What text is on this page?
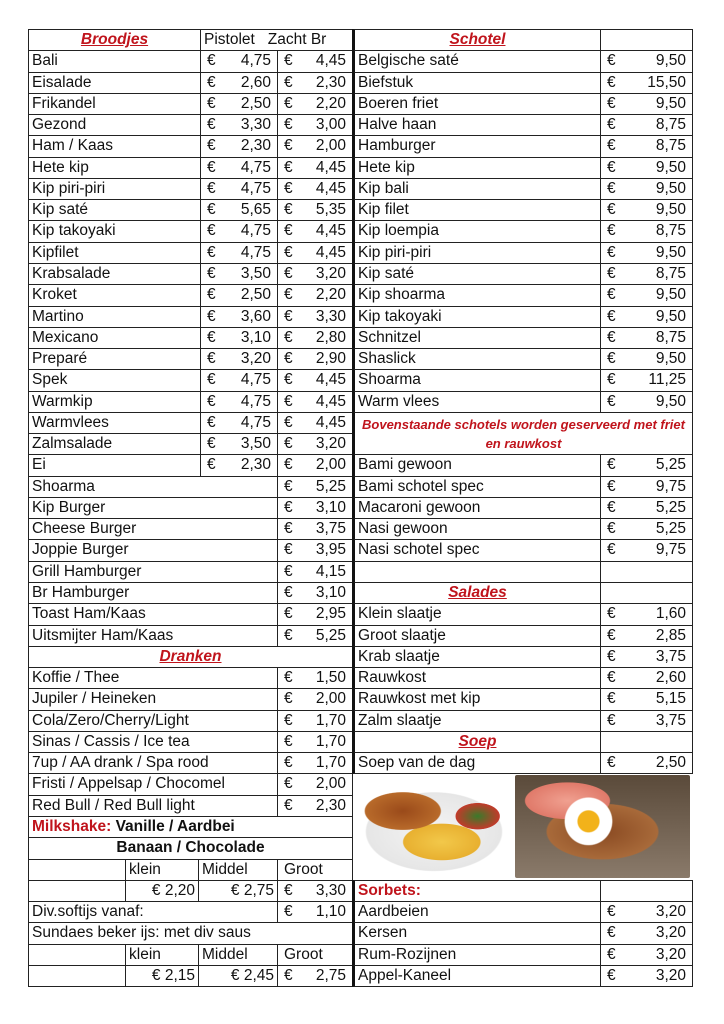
Broodjes	Pistolet   Zacht Br
Bali	€ 4,75 € 4,45
Eisalade	€ 2,60 € 2,30
Frikandel	€ 2,50 € 2,20
Gezond	€ 3,30 € 3,00
Ham / Kaas	€ 2,30 € 2,00
Hete kip	€ 4,75 € 4,45
Kip piri-piri	€ 4,75 € 4,45
Kip saté	€ 5,65 € 5,35
Kip takoyaki	€ 4,75 € 4,45
Kipfilet	€ 4,75 € 4,45
Krabsalade	€ 3,50 € 3,20
Kroket	€ 2,50 € 2,20
Martino	€ 3,60 € 3,30
Mexicano	€ 3,10 € 2,80
Preparé	€ 3,20 € 2,90
Spek	€ 4,75 € 4,45
Warmkip	€ 4,75 € 4,45
Warmvlees	€ 4,75 € 4,45
Zalmsalade	€ 3,50 € 3,20
Ei	€ 2,30 € 2,00
Shoarma	€ 5,25
Kip Burger	€ 3,10
Cheese Burger	€ 3,75
Joppie Burger	€ 3,95
Grill Hamburger	€ 4,15
Br Hamburger	€ 3,10
Toast Ham/Kaas	€ 2,95
Uitsmijter Ham/Kaas	€ 5,25
Dranken
Koffie / Thee	€ 1,50
Jupiler / Heineken	€ 2,00
Cola/Zero/Cherry/Light	€ 1,70
Sinas / Cassis / Ice tea	€ 1,70
7up / AA drank / Spa rood	€ 1,70
Fristi / Appelsap / Chocomel	€ 2,00
Red Bull / Red Bull light	€ 2,30
Milkshake: Vanille / Aardbei
Banaan / Chocolade
klein	Middel	Groot
€ 2,20	€ 2,75 € 3,30
Div.softijs vanaf:	€ 1,10
Sundaes beker ijs: met div saus
klein	Middel	Groot
€ 2,15	€ 2,45 € 2,75
Schotel
Belgische saté	€	9,50
Biefstuk	€ 15,50
Boeren friet	€	9,50
Halve haan	€	8,75
Hamburger	€	8,75
Hete kip	€	9,50
Kip bali	€	9,50
Kip filet	€	9,50
Kip loempia	€	8,75
Kip piri-piri	€	9,50
Kip saté	€	8,75
Kip shoarma	€	9,50
Kip takoyaki	€	9,50
Schnitzel	€	8,75
Shaslick	€	9,50
Shoarma	€ 11,25
Warm vlees	€	9,50
Bovenstaande schotels worden geserveerd met friet en rauwkost
Bami gewoon	€	5,25
Bami schotel spec	€	9,75
Macaroni gewoon	€	5,25
Nasi gewoon	€	5,25
Nasi schotel spec	€	9,75
Salades
Klein slaatje	€	1,60
Groot slaatje	€	2,85
Krab slaatje	€	3,75
Rauwkost	€	2,60
Rauwkost met kip	€	5,15
Zalm slaatje	€	3,75
Soep
Soep van de dag	€	2,50
Sorbets:
Aardbeien	€	3,20
Kersen	€	3,20
Rum-Rozijnen	€	3,20
Appel-Kaneel	€	3,20
